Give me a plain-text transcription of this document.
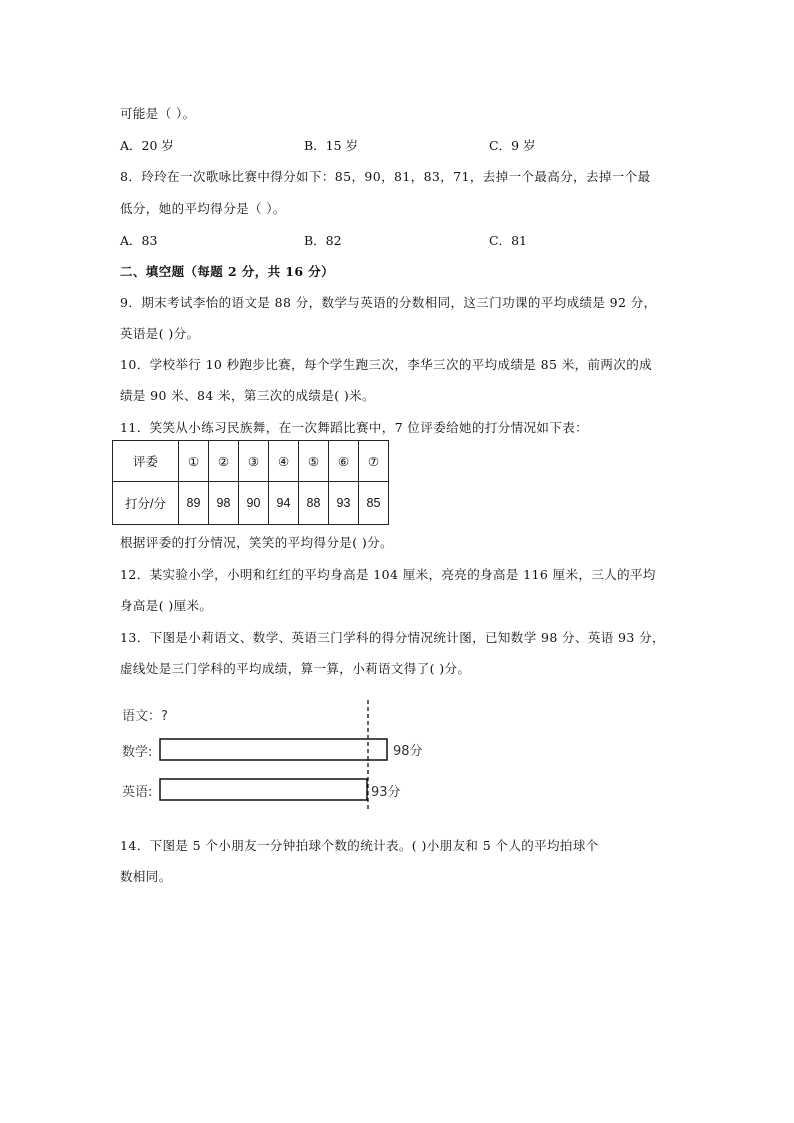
可能是（ ）。
A．20 岁	B．15 岁	C．9 岁
8．玲玲在一次歌咏比赛中得分如下：85，90，81，83，71，去掉一个最高分，去掉一个最
低分，她的平均得分是（ ）。
A．83	B．82	C．81
二、填空题（每题 2 分，共 16 分）
9．期末考试李怡的语文是 88 分，数学与英语的分数相同，这三门功课的平均成绩是 92 分，
英语是( )分。
10．学校举行 10 秒跑步比赛，每个学生跑三次，李华三次的平均成绩是 85 米，前两次的成
绩是 90 米、84 米，第三次的成绩是( )米。
11．笑笑从小练习民族舞，在一次舞蹈比赛中，7 位评委给她的打分情况如下表：
评委	①	②	③	④	⑤	⑥	⑦
打分/分	89	98	90	94	88	93	85
根据评委的打分情况，笑笑的平均得分是( )分。
12．某实验小学，小明和红红的平均身高是 104 厘米，亮亮的身高是 116 厘米，三人的平均
身高是( )厘米。
13．下图是小莉语文、数学、英语三门学科的得分情况统计图，已知数学 98 分、英语 93 分，
虚线处是三门学科的平均成绩，算一算，小莉语文得了( )分。
语文：?
数学:	98分
英语:	93分
14．下图是 5 个小朋友一分钟拍球个数的统计表。( )小朋友和 5 个人的平均拍球个
数相同。
